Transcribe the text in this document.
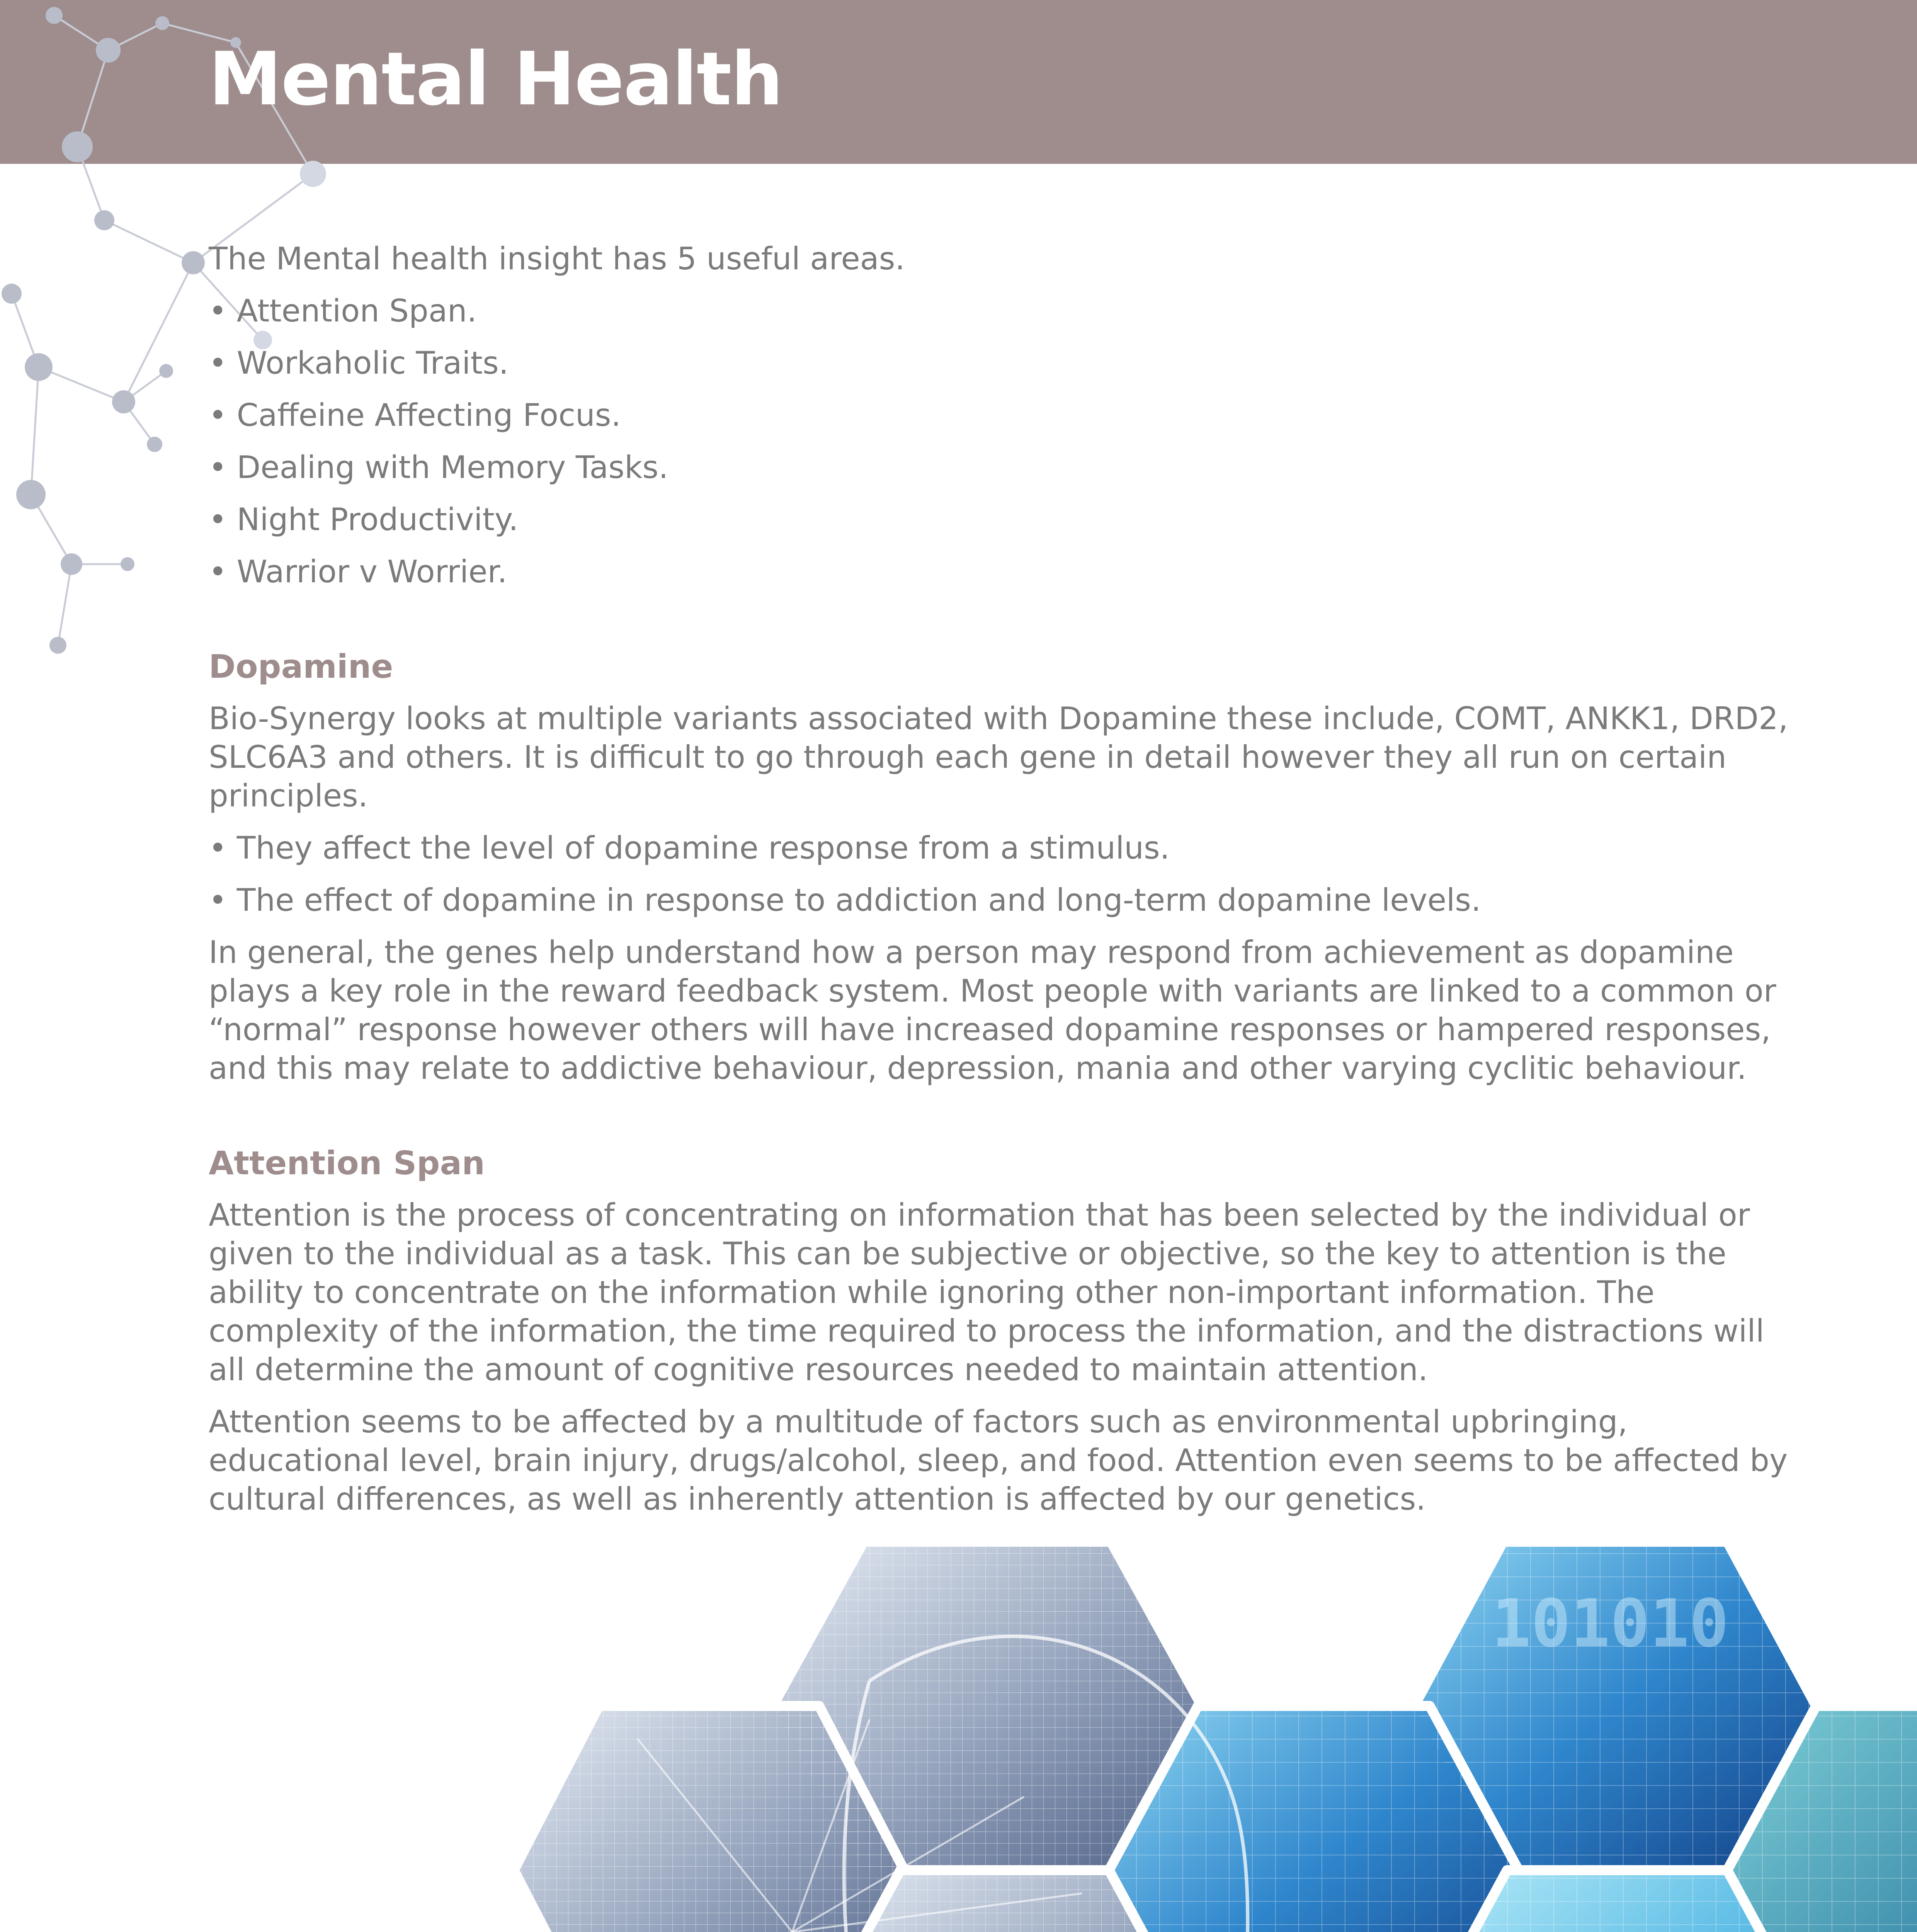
Mental Health

The Mental health insight has 5 useful areas.

• Attention Span.
• Workaholic Traits.
• Caffeine Affecting Focus.
• Dealing with Memory Tasks.
• Night Productivity.
• Warrior v Worrier.
Dopamine

Bio-Synergy looks at multiple variants associated with Dopamine these include, COMT, ANKK1, DRD2, SLC6A3 and others. It is difficult to go through each gene in detail however they all run on certain principles.

• They affect the level of dopamine response from a stimulus.

• The effect of dopamine in response to addiction and long-term dopamine levels.

In general, the genes help understand how a person may respond from achievement as dopamine plays a key role in the reward feedback system. Most people with variants are linked to a common or “normal” response however others will have increased dopamine responses or hampered responses, and this may relate to addictive behaviour, depression, mania and other varying cyclitic behaviour.

Attention Span

Attention is the process of concentrating on information that has been selected by the individual or given to the individual as a task. This can be subjective or objective, so the key to attention is the ability to concentrate on the information while ignoring other non-important information. The complexity of the information, the time required to process the information, and the distractions will all determine the amount of cognitive resources needed to maintain attention.

Attention seems to be affected by a multitude of factors such as environmental upbringing, educational level, brain injury, drugs/alcohol, sleep, and food. Attention even seems to be affected by cultural differences, as well as inherently attention is affected by our genetics.

101010
